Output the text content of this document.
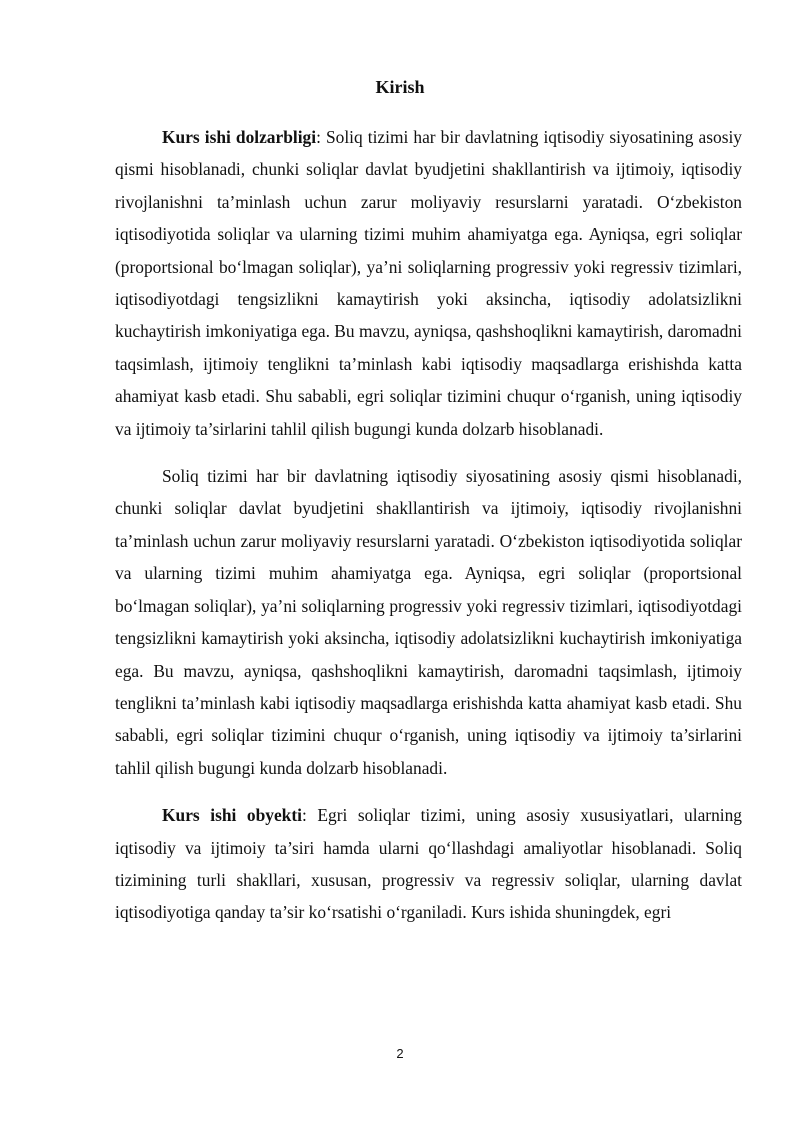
Kirish

Kurs ishi dolzarbligi: Soliq tizimi har bir davlatning iqtisodiy siyosatining asosiy qismi hisoblanadi, chunki soliqlar davlat byudjetini shakllantirish va ijtimoiy, iqtisodiy rivojlanishni ta’minlash uchun zarur moliyaviy resurslarni yaratadi. O‘zbekiston iqtisodiyotida soliqlar va ularning tizimi muhim ahamiyatga ega. Ayniqsa, egri soliqlar (proportsional bo‘lmagan soliqlar), ya’ni soliqlarning progressiv yoki regressiv tizimlari, iqtisodiyotdagi tengsizlikni kamaytirish yoki aksincha, iqtisodiy adolatsizlikni kuchaytirish imkoniyatiga ega. Bu mavzu, ayniqsa, qashshoqlikni kamaytirish, daromadni taqsimlash, ijtimoiy tenglikni ta’minlash kabi iqtisodiy maqsadlarga erishishda katta ahamiyat kasb etadi. Shu sababli, egri soliqlar tizimini chuqur o‘rganish, uning iqtisodiy va ijtimoiy ta’sirlarini tahlil qilish bugungi kunda dolzarb hisoblanadi.

Soliq tizimi har bir davlatning iqtisodiy siyosatining asosiy qismi hisoblanadi, chunki soliqlar davlat byudjetini shakllantirish va ijtimoiy, iqtisodiy rivojlanishni ta’minlash uchun zarur moliyaviy resurslarni yaratadi. O‘zbekiston iqtisodiyotida soliqlar va ularning tizimi muhim ahamiyatga ega. Ayniqsa, egri soliqlar (proportsional bo‘lmagan soliqlar), ya’ni soliqlarning progressiv yoki regressiv tizimlari, iqtisodiyotdagi tengsizlikni kamaytirish yoki aksincha, iqtisodiy adolatsizlikni kuchaytirish imkoniyatiga ega. Bu mavzu, ayniqsa, qashshoqlikni kamaytirish, daromadni taqsimlash, ijtimoiy tenglikni ta’minlash kabi iqtisodiy maqsadlarga erishishda katta ahamiyat kasb etadi. Shu sababli, egri soliqlar tizimini chuqur o‘rganish, uning iqtisodiy va ijtimoiy ta’sirlarini tahlil qilish bugungi kunda dolzarb hisoblanadi.

Kurs ishi obyekti: Egri soliqlar tizimi, uning asosiy xususiyatlari, ularning iqtisodiy va ijtimoiy ta’siri hamda ularni qo‘llashdagi amaliyotlar hisoblanadi. Soliq tizimining turli shakllari, xususan, progressiv va regressiv soliqlar, ularning davlat iqtisodiyotiga qanday ta’sir ko‘rsatishi o‘rganiladi. Kurs ishida shuningdek, egri

2
